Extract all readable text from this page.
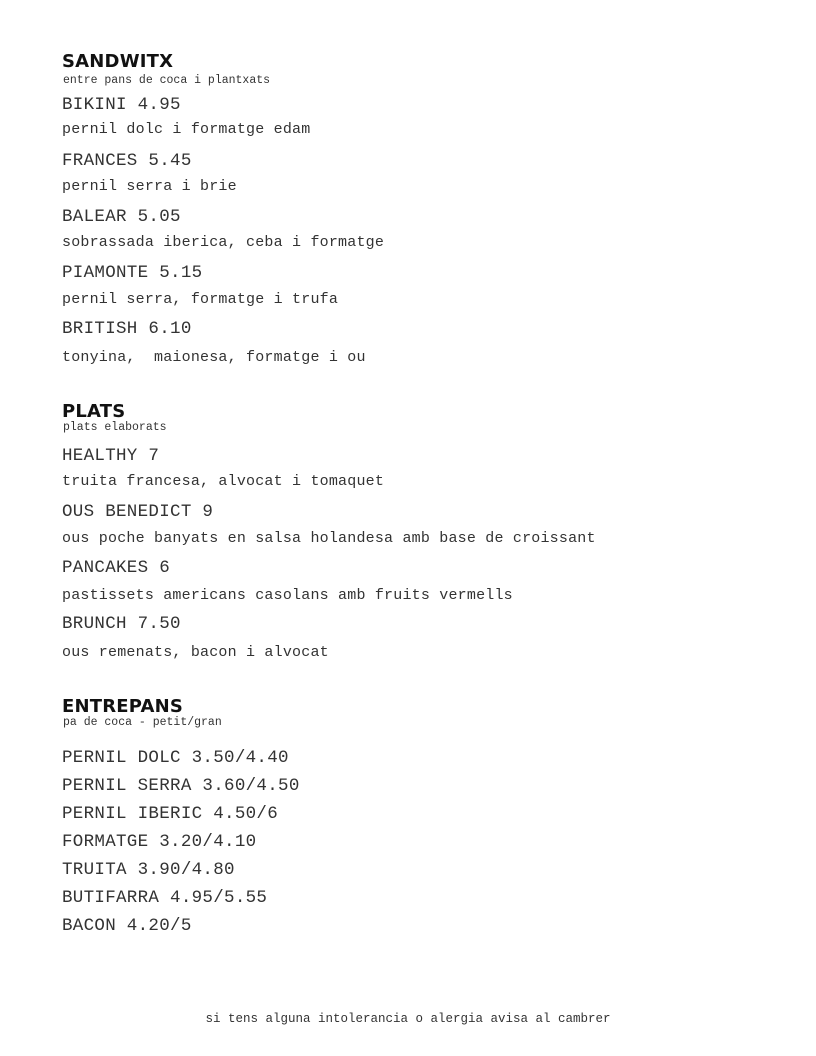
SANDWITX

entre pans de coca i plantxats

BIKINI 4.95

pernil dolc i formatge edam

FRANCES 5.45

pernil serra i brie

BALEAR 5.05

sobrassada iberica, ceba i formatge

PIAMONTE 5.15

pernil serra, formatge i trufa

BRITISH 6.10

tonyina,  maionesa, formatge i ou

PLATS

plats elaborats

HEALTHY 7

truita francesa, alvocat i tomaquet

OUS BENEDICT 9

ous poche banyats en salsa holandesa amb base de croissant

PANCAKES 6

pastissets americans casolans amb fruits vermells

BRUNCH 7.50

ous remenats, bacon i alvocat

ENTREPANS

pa de coca - petit/gran

PERNIL DOLC 3.50/4.40

PERNIL SERRA 3.60/4.50

PERNIL IBERIC 4.50/6

FORMATGE 3.20/4.10

TRUITA 3.90/4.80

BUTIFARRA 4.95/5.55

BACON 4.20/5

si tens alguna intolerancia o alergia avisa al cambrer
